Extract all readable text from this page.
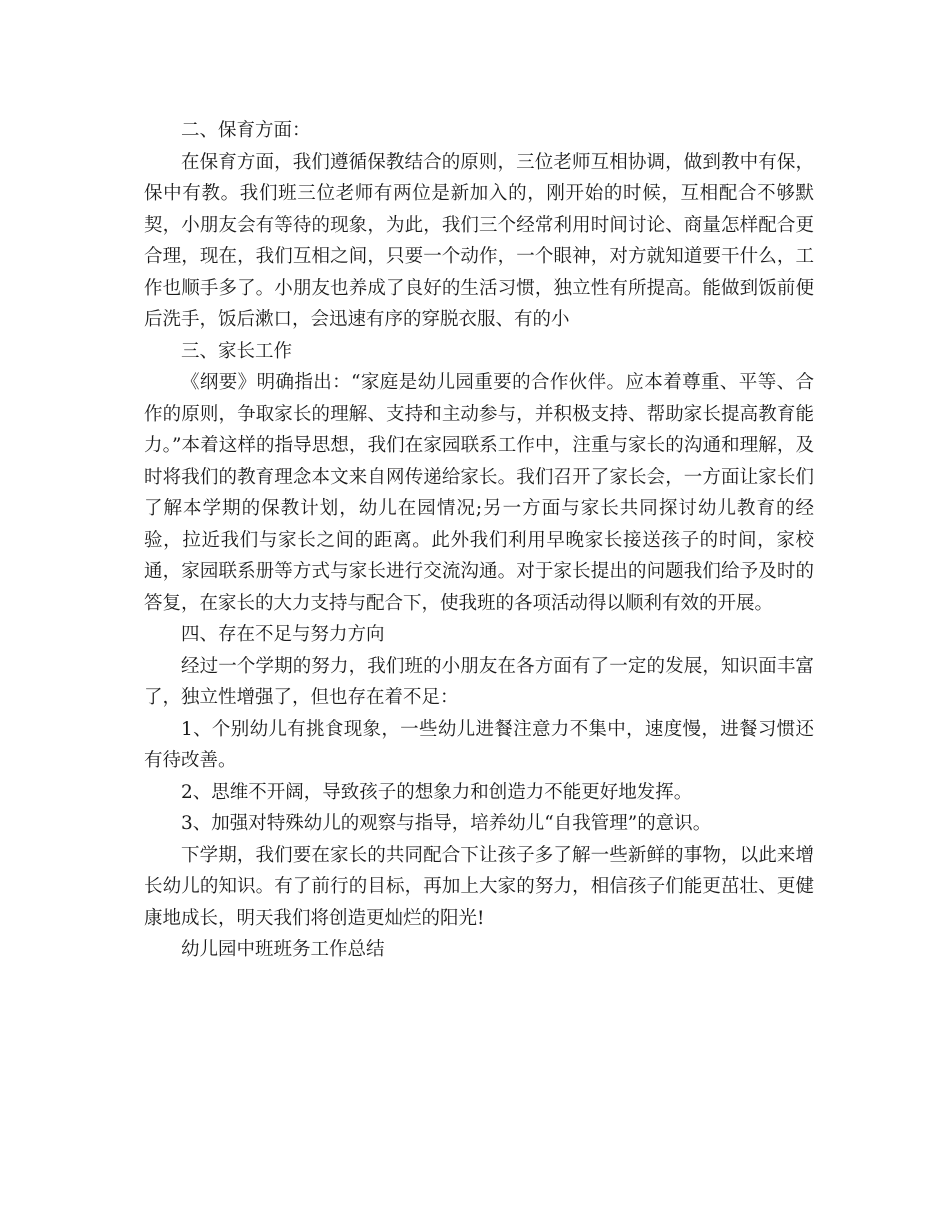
二、保育方面：

在保育方面，我们遵循保教结合的原则，三位老师互相协调，做到教中有保，保中有教。我们班三位老师有两位是新加入的，刚开始的时候，互相配合不够默契，小朋友会有等待的现象，为此，我们三个经常利用时间讨论、商量怎样配合更合理，现在，我们互相之间，只要一个动作，一个眼神，对方就知道要干什么，工作也顺手多了。小朋友也养成了良好的生活习惯，独立性有所提高。能做到饭前便后洗手，饭后漱口，会迅速有序的穿脱衣服、有的小

三、家长工作

《纲要》明确指出：“家庭是幼儿园重要的合作伙伴。应本着尊重、平等、合作的原则，争取家长的理解、支持和主动参与，并积极支持、帮助家长提高教育能力。”本着这样的指导思想，我们在家园联系工作中，注重与家长的沟通和理解，及时将我们的教育理念本文来自网传递给家长。我们召开了家长会，一方面让家长们了解本学期的保教计划，幼儿在园情况;另一方面与家长共同探讨幼儿教育的经验，拉近我们与家长之间的距离。此外我们利用早晚家长接送孩子的时间，家校通，家园联系册等方式与家长进行交流沟通。对于家长提出的问题我们给予及时的答复，在家长的大力支持与配合下，使我班的各项活动得以顺利有效的开展。

四、存在不足与努力方向

经过一个学期的努力，我们班的小朋友在各方面有了一定的发展，知识面丰富了，独立性增强了，但也存在着不足：

1、个别幼儿有挑食现象，一些幼儿进餐注意力不集中，速度慢，进餐习惯还有待改善。

2、思维不开阔，导致孩子的想象力和创造力不能更好地发挥。

3、加强对特殊幼儿的观察与指导，培养幼儿“自我管理”的意识。

下学期，我们要在家长的共同配合下让孩子多了解一些新鲜的事物，以此来增长幼儿的知识。有了前行的目标，再加上大家的努力，相信孩子们能更茁壮、更健康地成长，明天我们将创造更灿烂的阳光!

幼儿园中班班务工作总结
